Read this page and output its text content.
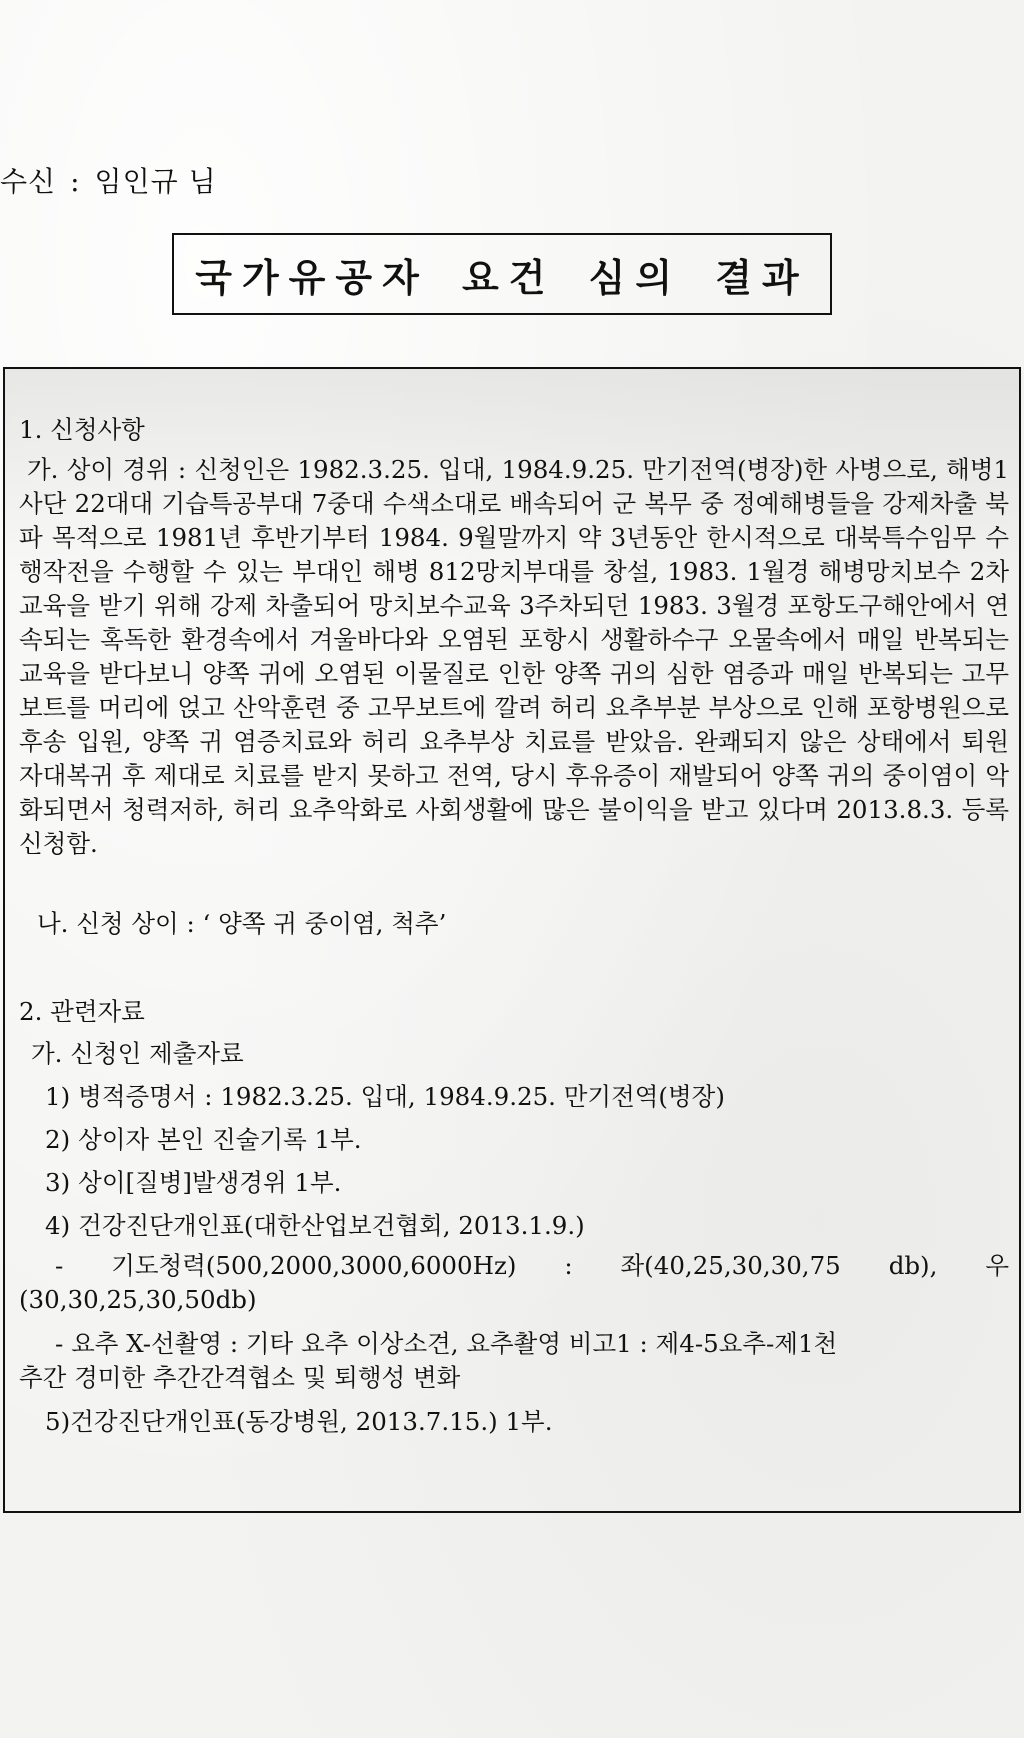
수신 : 임인규 님
국가유공자 요건 심의 결과

1. 신청사항

가. 상이 경위 : 신청인은 1982.3.25. 입대, 1984.9.25. 만기전역(병장)한 사병으로, 해병1사단 22대대 기습특공부대 7중대 수색소대로 배속되어 군 복무 중 정예해병들을 강제차출 북파 목적으로 1981년 후반기부터 1984. 9월말까지 약 3년동안 한시적으로 대북특수임무 수행작전을 수행할 수 있는 부대인 해병 812망치부대를 창설, 1983. 1월경 해병망치보수 2차교육을 받기 위해 강제 차출되어 망치보수교육 3주차되던 1983. 3월경 포항도구해안에서 연속되는 혹독한 환경속에서 겨울바다와 오염된 포항시 생활하수구 오물속에서 매일 반복되는 교육을 받다보니 양쪽 귀에 오염된 이물질로 인한 양쪽 귀의 심한 염증과 매일 반복되는 고무보트를 머리에 얹고 산악훈련 중 고무보트에 깔려 허리 요추부분 부상으로 인해 포항병원으로 후송 입원, 양쪽 귀 염증치료와 허리 요추부상 치료를 받았음. 완쾌되지 않은 상태에서 퇴원 자대복귀 후 제대로 치료를 받지 못하고 전역, 당시 후유증이 재발되어 양쪽 귀의 중이염이 악화되면서 청력저하, 허리 요추악화로 사회생활에 많은 불이익을 받고 있다며 2013.8.3. 등록 신청함.

나. 신청 상이 : ‘ 양쪽 귀 중이염, 척추’

2. 관련자료

가. 신청인 제출자료

1) 병적증명서 : 1982.3.25. 입대, 1984.9.25. 만기전역(병장)

2) 상이자 본인 진술기록 1부.

3) 상이[질병]발생경위 1부.

4) 건강진단개인표(대한산업보건협회, 2013.1.9.)

- 기도청력(500,2000,3000,6000Hz) : 좌(40,25,30,30,75 db), 우

(30,30,25,30,50db)

- 요추 X-선촬영 : 기타 요추 이상소견, 요추촬영 비고1 : 제4-5요추-제1천

추간 경미한 추간간격협소 및 퇴행성 변화

5)건강진단개인표(동강병원, 2013.7.15.) 1부.
